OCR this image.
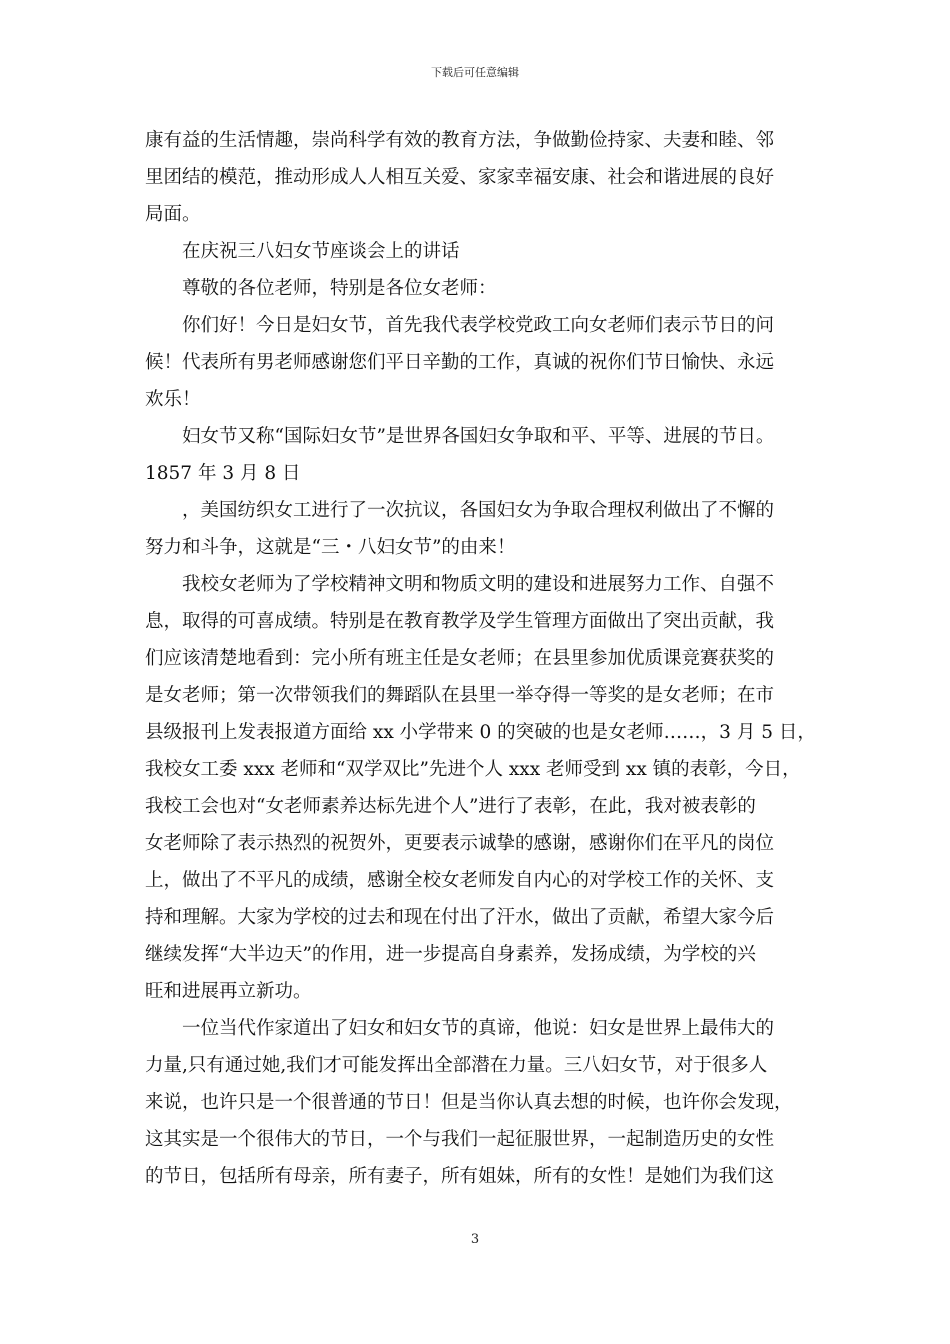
下载后可任意编辑
康有益的生活情趣，崇尚科学有效的教育方法，争做勤俭持家、夫妻和睦、邻
里团结的模范，推动形成人人相互关爱、家家幸福安康、社会和谐进展的良好
局面。
在庆祝三八妇女节座谈会上的讲话
尊敬的各位老师，特别是各位女老师：
你们好！今日是妇女节，首先我代表学校党政工向女老师们表示节日的问
候！代表所有男老师感谢您们平日辛勤的工作，真诚的祝你们节日愉快、永远
欢乐！
妇女节又称“国际妇女节”是世界各国妇女争取和平、平等、进展的节日。
1857 年 3 月 8 日
，美国纺织女工进行了一次抗议，各国妇女为争取合理权利做出了不懈的
努力和斗争，这就是“三・八妇女节”的由来！
我校女老师为了学校精神文明和物质文明的建设和进展努力工作、自强不
息，取得的可喜成绩。特别是在教育教学及学生管理方面做出了突出贡献，我
们应该清楚地看到：完小所有班主任是女老师；在县里参加优质课竞赛获奖的
是女老师；第一次带领我们的舞蹈队在县里一举夺得一等奖的是女老师；在市
县级报刊上发表报道方面给 xx 小学带来 0 的突破的也是女老师……，3 月 5 日，
我校女工委 xxx 老师和“双学双比”先进个人 xxx 老师受到 xx 镇的表彰，今日，
我校工会也对“女老师素养达标先进个人”进行了表彰，在此，我对被表彰的
女老师除了表示热烈的祝贺外，更要表示诚挚的感谢，感谢你们在平凡的岗位
上，做出了不平凡的成绩，感谢全校女老师发自内心的对学校工作的关怀、支
持和理解。大家为学校的过去和现在付出了汗水，做出了贡献，希望大家今后
继续发挥“大半边天”的作用，进一步提高自身素养，发扬成绩，为学校的兴
旺和进展再立新功。
一位当代作家道出了妇女和妇女节的真谛，他说：妇女是世界上最伟大的
力量,只有通过她,我们才可能发挥出全部潜在力量。三八妇女节，对于很多人
来说，也许只是一个很普通的节日！但是当你认真去想的时候，也许你会发现，
这其实是一个很伟大的节日，一个与我们一起征服世界，一起制造历史的女性
的节日，包括所有母亲，所有妻子，所有姐妹，所有的女性！是她们为我们这
3
